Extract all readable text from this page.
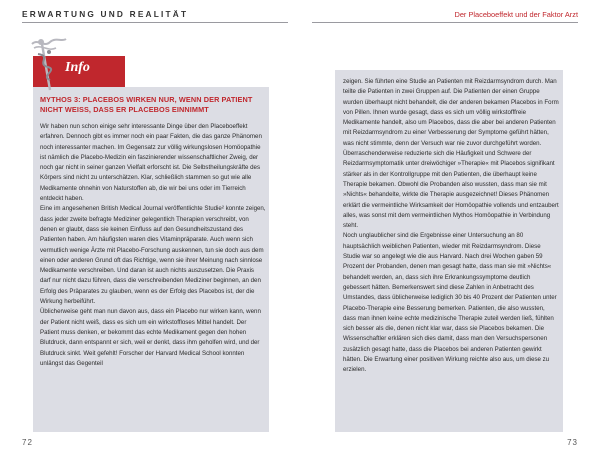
ERWARTUNG UND REALITÄT	Der Placeboeffekt und der Faktor Arzt
Info
MYTHOS 3: PLACEBOS WIRKEN NUR, WENN DER PATIENT NICHT WEISS, DASS ER PLACEBOS EINNIMMT

Wir haben nun schon einige sehr interessante Dinge über den Placeboeffekt erfahren. Dennoch gibt es immer noch ein paar Fakten, die das ganze Phänomen noch interessanter machen. Im Gegensatz zur völlig wirkungslosen Homöopathie ist nämlich die Placebo-Medizin ein faszinierender wissenschaftlicher Zweig, der noch gar nicht in seiner ganzen Vielfalt erforscht ist. Die Selbstheilungskräfte des Körpers sind nicht zu unterschätzen. Klar, schließlich stammen so gut wie alle Medikamente ohnehin von Naturstoffen ab, die wir bei uns oder im Tierreich entdeckt haben.

Eine im angesehenen British Medical Journal veröffentlichte Studie² konnte zeigen, dass jeder zweite befragte Mediziner gelegentlich Therapien verschreibt, von denen er glaubt, dass sie keinen Einfluss auf den Gesundheitszustand des Patienten haben. Am häufigsten waren dies Vitaminpräparate. Auch wenn sich vermutlich wenige Ärzte mit Placebo-Forschung auskennen, tun sie doch aus dem einen oder anderen Grund oft das Richtige, wenn sie ihrer Meinung nach sinnlose Medikamente verschreiben. Und daran ist auch nichts auszusetzen. Die Praxis darf nur nicht dazu führen, dass die verschreibenden Mediziner beginnen, an den Erfolg des Präparates zu glauben, wenn es der Erfolg des Placebos ist, der die Wirkung herbeiführt.

Üblicherweise geht man nun davon aus, dass ein Placebo nur wirken kann, wenn der Patient nicht weiß, dass es sich um ein wirkstoffloses Mittel handelt. Der Patient muss denken, er bekommt das echte Medikament gegen den hohen Blutdruck, dann entspannt er sich, weil er denkt, dass ihm geholfen wird, und der Blutdruck sinkt. Weit gefehlt! Forscher der Harvard Medical School konnten unlängst das Gegenteil

72

zeigen. Sie führten eine Studie an Patienten mit Reizdarmsyndrom durch. Man teilte die Patienten in zwei Gruppen auf. Die Patienten der einen Gruppe wurden überhaupt nicht behandelt, die der anderen bekamen Placebos in Form von Pillen. Ihnen wurde gesagt, dass es sich um völlig wirkstofffreie Medikamente handelt, also um Placebos, dass die aber bei anderen Patienten mit Reizdarmsyndrom zu einer Verbesserung der Symptome geführt hätten, was nicht stimmte, denn der Versuch war nie zuvor durchgeführt worden. Überraschenderweise reduzierte sich die Häufigkeit und Schwere der Reizdarmsymptomatik unter dreiwöchiger »Therapie« mit Placebos signifikant stärker als in der Kontrollgruppe mit den Patienten, die überhaupt keine Therapie bekamen. Obwohl die Probanden also wussten, dass man sie mit »Nichts« behandelte, wirkte die Therapie ausgezeichnet! Dieses Phänomen erklärt die vermeintliche Wirksamkeit der Homöopathie vollends und entzaubert alles, was sonst mit dem vermeintlichen Mythos Homöopathie in Verbindung steht.

Noch unglaublicher sind die Ergebnisse einer Untersuchung an 80 hauptsächlich weiblichen Patienten, wieder mit Reizdarmsyndrom. Diese Studie war so angelegt wie die aus Harvard. Nach drei Wochen gaben 59 Prozent der Probanden, denen man gesagt hatte, dass man sie mit »Nichts« behandelt werden, an, dass sich ihre Erkrankungssymptome deutlich gebessert hätten. Bemerkenswert sind diese Zahlen in Anbetracht des Umstandes, dass üblicherweise lediglich 30 bis 40 Prozent der Patienten unter Placebo-Therapie eine Besserung bemerken. Patienten, die also wussten, dass man ihnen keine echte medizinische Therapie zuteil werden ließ, fühlten sich besser als die, denen nicht klar war, dass sie Placebos bekamen. Die Wissenschaftler erklären sich dies damit, dass man den Versuchspersonen zusätzlich gesagt hatte, dass die Placebos bei anderen Patienten gewirkt hätten. Die Erwartung einer positiven Wirkung reichte also aus, um diese zu erzielen.

73
